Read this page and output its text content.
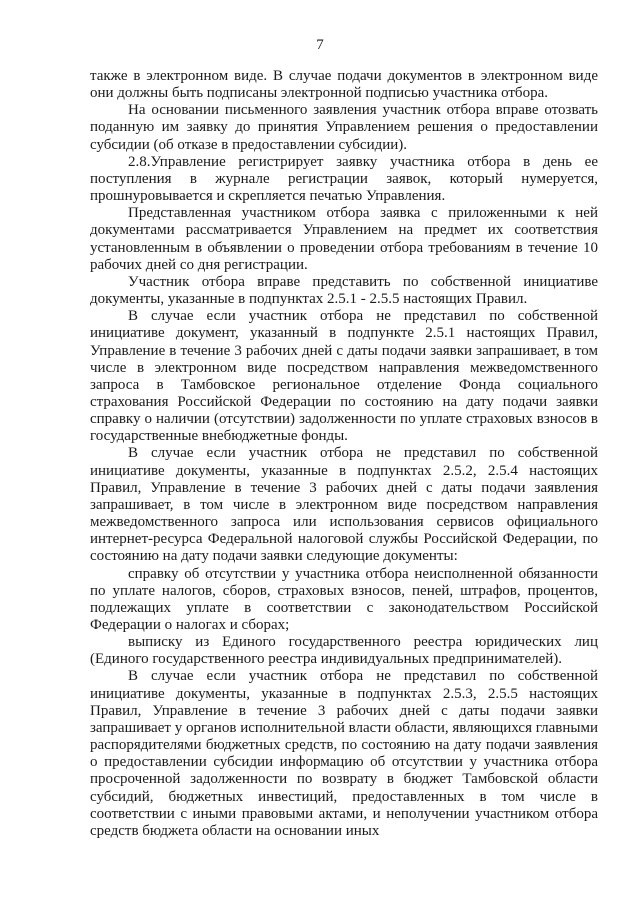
7

также в электронном виде. В случае подачи документов в электронном виде они должны быть подписаны электронной подписью участника отбора.

На основании письменного заявления участник отбора вправе отозвать поданную им заявку до принятия Управлением решения о предоставлении субсидии (об отказе в предоставлении субсидии).

2.8.Управление регистрирует заявку участника отбора в день ее поступления в журнале регистрации заявок, который нумеруется, прошнуровывается и скрепляется печатью Управления.

Представленная участником отбора заявка с приложенными к ней документами рассматривается Управлением на предмет их соответствия установленным в объявлении о проведении отбора требованиям в течение 10 рабочих дней со дня регистрации.

Участник отбора вправе представить по собственной инициативе документы, указанные в подпунктах 2.5.1 - 2.5.5 настоящих Правил.

В случае если участник отбора не представил по собственной инициативе документ, указанный в подпункте 2.5.1 настоящих Правил, Управление в течение 3 рабочих дней с даты подачи заявки запрашивает, в том числе в электронном виде посредством направления межведомственного запроса в Тамбовское региональное отделение Фонда социального страхования Российской Федерации по состоянию на дату подачи заявки справку о наличии (отсутствии) задолженности по уплате страховых взносов в государственные внебюджетные фонды.

В случае если участник отбора не представил по собственной инициативе документы, указанные в подпунктах 2.5.2, 2.5.4 настоящих Правил, Управление в течение 3 рабочих дней с даты подачи заявления запрашивает, в том числе в электронном виде посредством направления межведомственного запроса или использования сервисов официального интернет-ресурса Федеральной налоговой службы Российской Федерации, по состоянию на дату подачи заявки следующие документы:

справку об отсутствии у участника отбора неисполненной обязанности по уплате налогов, сборов, страховых взносов, пеней, штрафов, процентов, подлежащих уплате в соответствии с законодательством Российской Федерации о налогах и сборах;

выписку из Единого государственного реестра юридических лиц (Единого государственного реестра индивидуальных предпринимателей).

В случае если участник отбора не представил по собственной инициативе документы, указанные в подпунктах 2.5.3, 2.5.5 настоящих Правил, Управление в течение 3 рабочих дней с даты подачи заявки запрашивает у органов исполнительной власти области, являющихся главными распорядителями бюджетных средств, по состоянию на дату подачи заявления о предоставлении субсидии информацию об отсутствии у участника отбора просроченной задолженности по возврату в бюджет Тамбовской области субсидий, бюджетных инвестиций, предоставленных в том числе в соответствии с иными правовыми актами, и неполучении участником отбора средств бюджета области на основании иных
